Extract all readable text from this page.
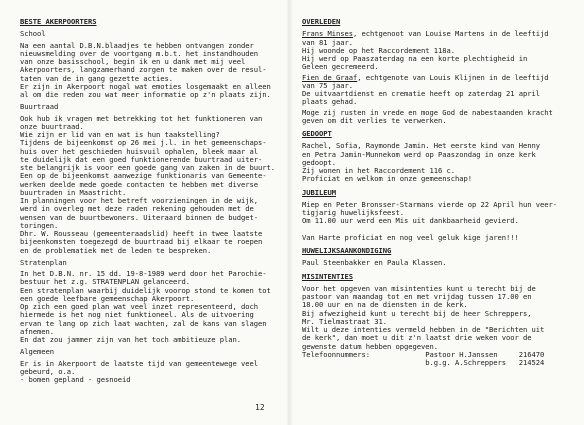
BESTE AKERPOORTERS
School
Na een aantal D.B.N.blaadjes te hebben ontvangen zonder
nieuwsmelding over de voortgang m.b.t. het instandhouden
van onze basisschool, begin ik en u dank met mij veel
Akerpoorters, langzamerhand zorgen te maken over de resul-
taten van de in gang gezette acties.
Er zijn in Akerpoort nogal wat emoties losgemaakt en alleen
al om die reden zou wat meer informatie op z'n plaats zijn.
Buurtraad
Ook hub ik vragen met betrekking tot het funktioneren van
onze buurtraad.
Wie zijn er lid van en wat is hun taakstelling?
Tijdens de bijeenkomst op 26 mei j.l. in het gemeenschaps-
huis over het geschieden huisvuil ophalen, bleek maar al
te duidelijk dat een goed funktionerende buurtraad uiter-
ste belangrijk is voor een goede gang van zaken in de buurt.
Een op de bijeenkomst aanwezige funktionaris van Gemeente-
werken deelde mede goede contacten te hebben met diverse
buurtraden in Maastricht.
In planningen voor het betreft voorzieningen in de wijk,
werd in overleg met deze raden rekening gehouden met de
wensen van de buurtbewoners. Uiteraard binnen de budget-
toringen.
Dhr. W. Rousseau (gemeenteraadslid) heeft in twee laatste
bijeenkomsten toegezegd de buurtraad bij elkaar te roepen
en de problematiek met de leden te bespreken.
Stratenplan
In het D.B.N. nr. 15 dd. 19-8-1989 werd door het Parochie-
bestuur het z.g. STRATENPLAN gelanceerd.
Een stratenplan waarbij duidelijk voorop stond te komen tot
een goede leefbare gemeenschap Akerpoort.
Op zich een goed plan wat veel inzet representeerd, doch
hiermede is het nog niet funktioneel. Als de uitvoering
ervan te lang op zich laat wachten, zal de kans van slagen
afnemen.
En dat zou jammer zijn van het toch ambitieuze plan.
Algemeen
Er is in Akerpoort de laatste tijd van gemeentewege veel
gebeurd, o.a.
- bomen gepland - gesnoeid
12
OVERLEDEN
Frans Minses, echtgenoot van Louise Martens in de leeftijd
van 81 jaar.
Hij woonde op het Raccordement 118a.
Hij werd op Paaszaterdag na een korte plechtigheid in
Geleen gecremeerd.
Fien de Graaf, echtgenote van Louis Klijnen in de leeftijd
van 75 jaar.
De uitvaartdienst en crematie heeft op zaterdag 21 april
plaats gehad.
Moge zij rusten in vrede en moge God de nabestaanden kracht
geven om dit verlies te verwerken.
GEDOOPT
Rachel, Sofia, Raymonde Jamin. Het eerste kind van Henny
en Petra Jamin-Munnekom werd op Paaszondag in onze kerk
gedoopt.
Zij wonen in het Raccordement 116 c.
Proficiat en welkom in onze gemeenschap!
JUBILEUM
Miep en Peter Bronsser-Starmans vierde op 22 April hun veer-
tigjarig huwelijksfeest.
Om 11.00 uur werd een Mis uit dankbaarheid gevierd.
Van Harte proficiat en nog veel geluk kige jaren!!!
HUWELIJKSAANKONDIGING
Paul Steenbakker en Paula Klassen.
MISINTENTIES
Voor het opgeven van misintenties kunt u terecht bij de
pastoor van maandag tot en met vrijdag tussen 17.00 en
18.00 uur en na de diensten in de kerk.
Bij afwezigheid kunt u terecht bij de heer Schreppers,
Mr. Tielmastraat 31.
Wilt u deze intenties vermeld hebben in de "Berichten uit
de kerk", dan moet u dit z'n laatst drie weken voor de
gewenste datum hebben opgegeven.
Telefoonnummers:             Pastoor H.Janssen     216470
b.g.g. A.Schreppers   214524
